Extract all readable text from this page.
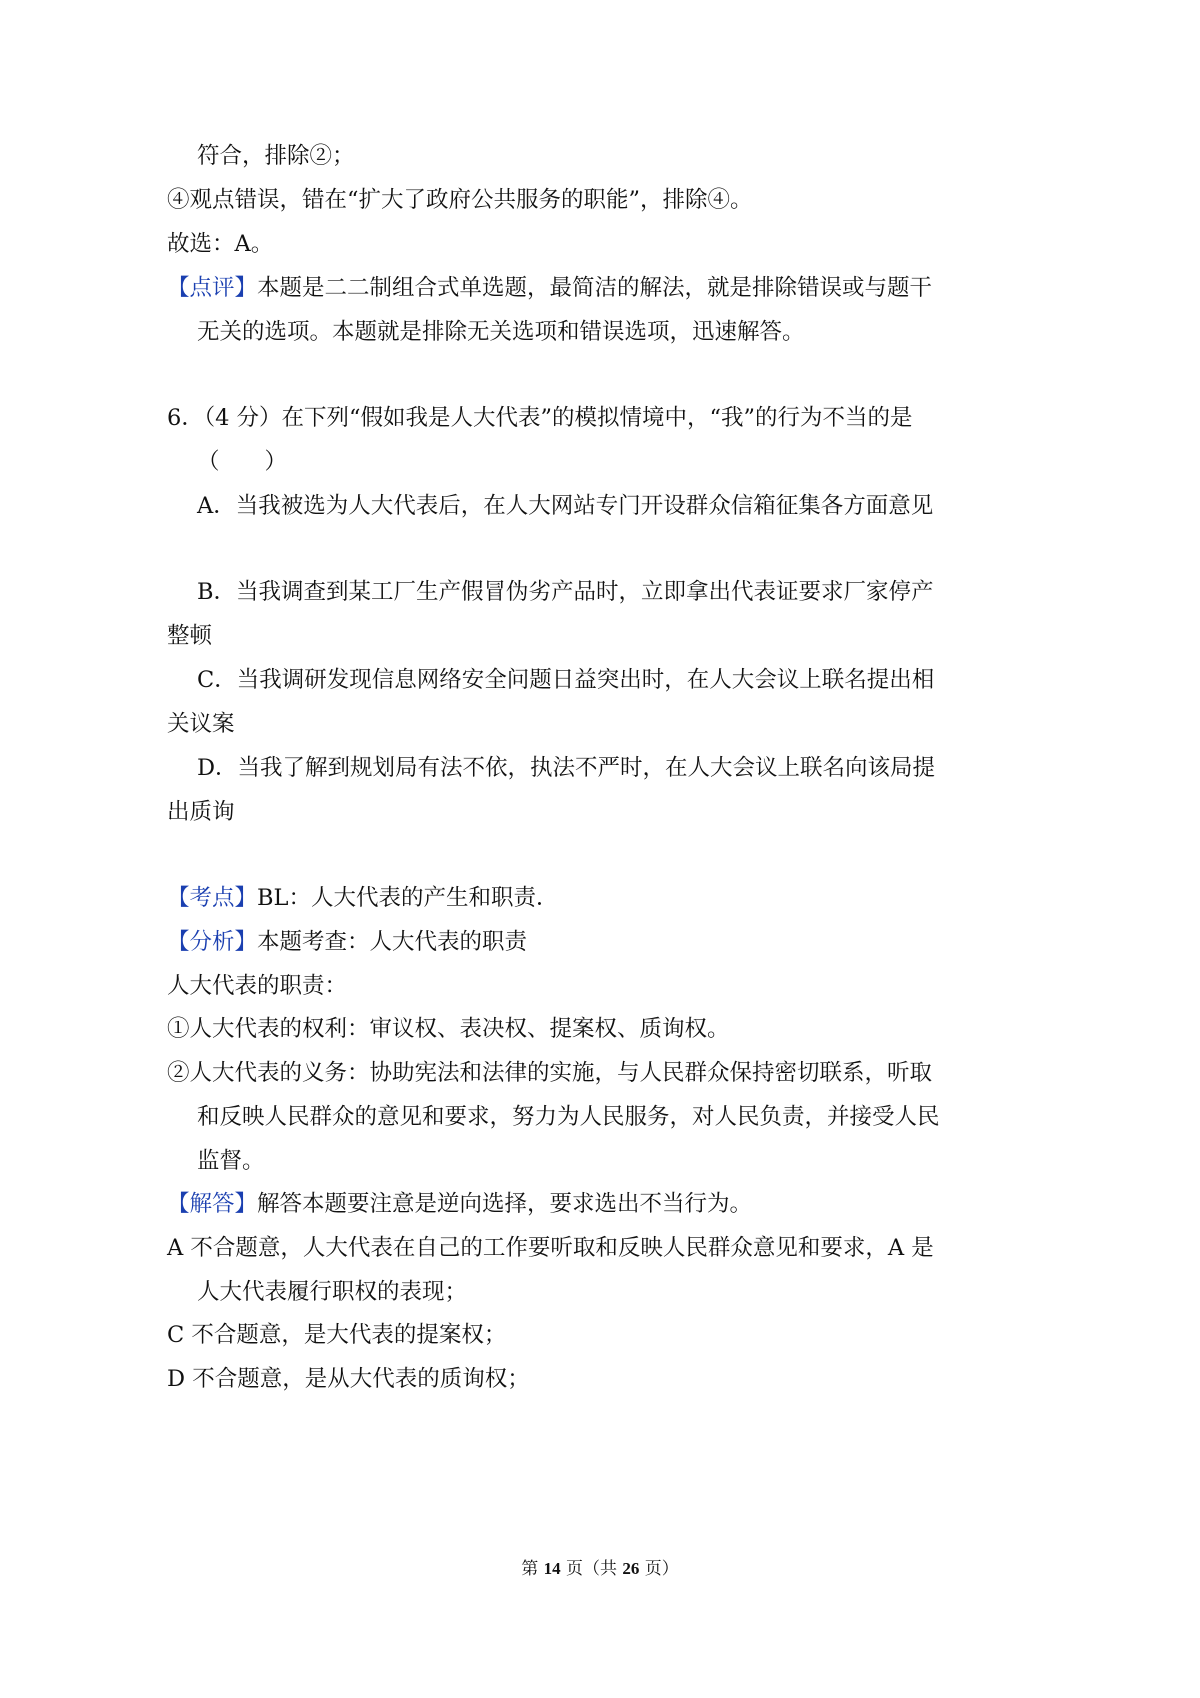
符合，排除②；
④观点错误，错在“扩大了政府公共服务的职能”，排除④。
故选：A。
【点评】本题是二二制组合式单选题，最简洁的解法，就是排除错误或与题干
无关的选项。本题就是排除无关选项和错误选项，迅速解答。
6．（4 分）在下列“假如我是人大代表”的模拟情境中，“我”的行为不当的是
（　　）
A．当我被选为人大代表后，在人大网站专门开设群众信箱征集各方面意见
B．当我调查到某工厂生产假冒伪劣产品时，立即拿出代表证要求厂家停产
整顿
C．当我调研发现信息网络安全问题日益突出时，在人大会议上联名提出相
关议案
D．当我了解到规划局有法不依，执法不严时，在人大会议上联名向该局提
出质询
【考点】BL：人大代表的产生和职责．
【分析】本题考查：人大代表的职责
人大代表的职责：
①人大代表的权利：审议权、表决权、提案权、质询权。
②人大代表的义务：协助宪法和法律的实施，与人民群众保持密切联系，听取
和反映人民群众的意见和要求，努力为人民服务，对人民负责，并接受人民
监督。
【解答】解答本题要注意是逆向选择，要求选出不当行为。
A 不合题意，人大代表在自己的工作要听取和反映人民群众意见和要求，A 是
人大代表履行职权的表现；
C 不合题意，是大代表的提案权；
D 不合题意，是从大代表的质询权；
第 14 页（共 26 页）
